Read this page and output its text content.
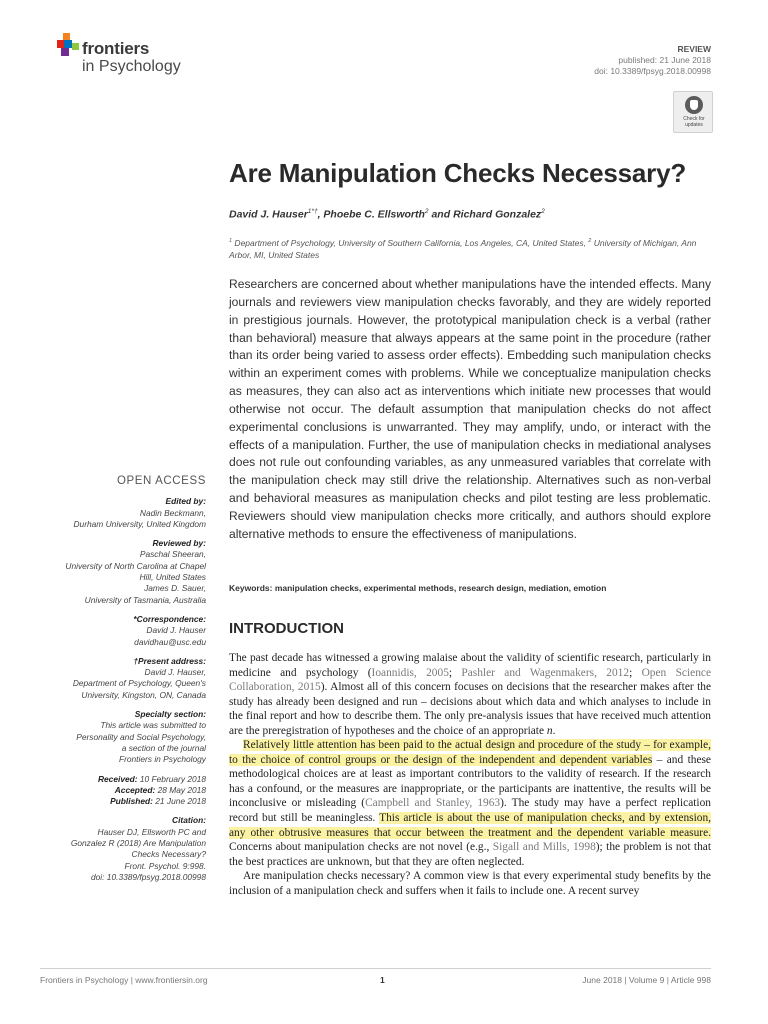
frontiers
in Psychology
REVIEW
published: 21 June 2018
doi: 10.3389/fpsyg.2018.00998
Check for
updates
Are Manipulation Checks Necessary?
David J. Hauser$^{1*\dagger}$, Phoebe C. Ellsworth$^2$ and Richard Gonzalez$^2$
$^1$ Department of Psychology, University of Southern California, Los Angeles, CA, United States, $^2$ University of Michigan, Ann Arbor, MI, United States

Researchers are concerned about whether manipulations have the intended effects. Many journals and reviewers view manipulation checks favorably, and they are widely reported in prestigious journals. However, the prototypical manipulation check is a verbal (rather than behavioral) measure that always appears at the same point in the procedure (rather than its order being varied to assess order effects). Embedding such manipulation checks within an experiment comes with problems. While we conceptualize manipulation checks as measures, they can also act as interventions which initiate new processes that would otherwise not occur. The default assumption that manipulation checks do not affect experimental conclusions is unwarranted. They may amplify, undo, or interact with the effects of a manipulation. Further, the use of manipulation checks in mediational analyses does not rule out confounding variables, as any unmeasured variables that correlate with the manipulation check may still drive the relationship. Alternatives such as non-verbal and behavioral measures as manipulation checks and pilot testing are less problematic. Reviewers should view manipulation checks more critically, and authors should explore alternative methods to ensure the effectiveness of manipulations.

Keywords: manipulation checks, experimental methods, research design, mediation, emotion
OPEN ACCESS
Edited by:
Nadin Beckmann,
Durham University, United Kingdom
Reviewed by:
Paschal Sheeran,
University of North Carolina at Chapel
Hill, United States
James D. Sauer,
University of Tasmania, Australia
*Correspondence:
David J. Hauser
davidhau@usc.edu
†Present address:
David J. Hauser,
Department of Psychology, Queen's
University, Kingston, ON, Canada
Specialty section:
This article was submitted to
Personality and Social Psychology,
a section of the journal
Frontiers in Psychology
Received: 10 February 2018
Accepted: 28 May 2018
Published: 21 June 2018
Citation:
Hauser DJ, Ellsworth PC and
Gonzalez R (2018) Are Manipulation
Checks Necessary?
Front. Psychol. 9:998.
doi: 10.3389/fpsyg.2018.00998
INTRODUCTION

The past decade has witnessed a growing malaise about the validity of scientific research, particularly in medicine and psychology (Ioannidis, 2005; Pashler and Wagenmakers, 2012; Open Science Collaboration, 2015). Almost all of this concern focuses on decisions that the researcher makes after the study has already been designed and run – decisions about which data and which analyses to include in the final report and how to describe them. The only pre-analysis issues that have received much attention are the preregistration of hypotheses and the choice of an appropriate n.

Relatively little attention has been paid to the actual design and procedure of the study – for example, to the choice of control groups or the design of the independent and dependent variables – and these methodological choices are at least as important contributors to the validity of research. If the research has a confound, or the measures are inappropriate, or the participants are inattentive, the results will be inconclusive or misleading (Campbell and Stanley, 1963). The study may have a perfect replication record but still be meaningless. This article is about the use of manipulation checks, and by extension, any other obtrusive measures that occur between the treatment and the dependent variable measure. Concerns about manipulation checks are not novel (e.g., Sigall and Mills, 1998); the problem is not that the best practices are unknown, but that they are often neglected.

Are manipulation checks necessary? A common view is that every experimental study benefits by the inclusion of a manipulation check and suffers when it fails to include one. A recent survey

Frontiers in Psychology | www.frontiersin.org	1	June 2018 | Volume 9 | Article 998
